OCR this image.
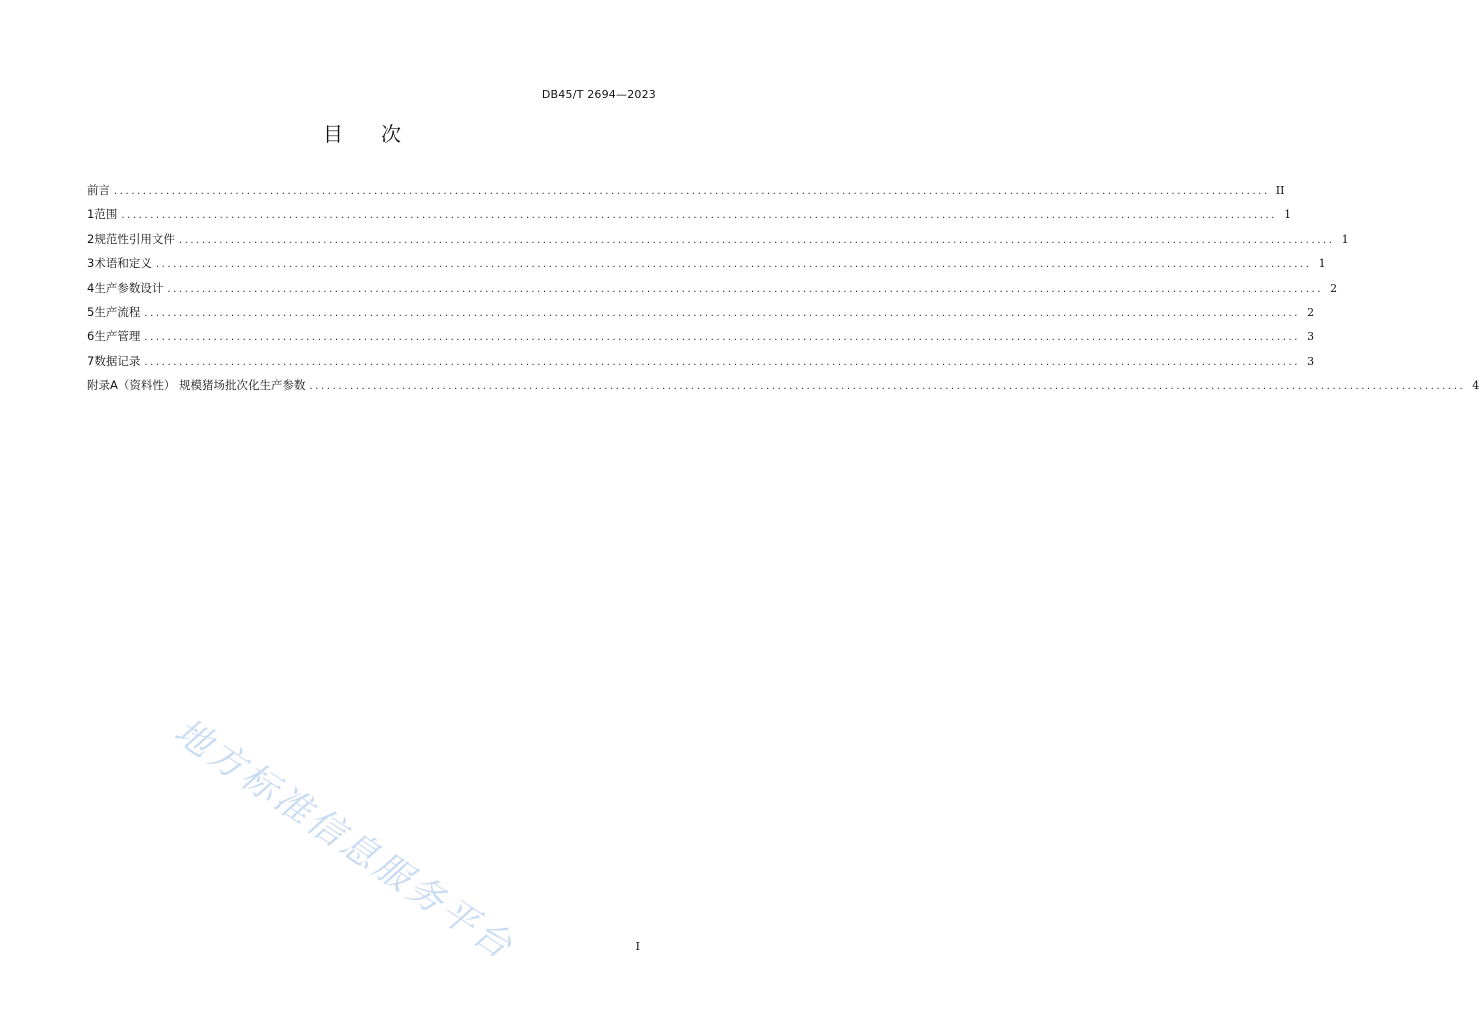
DB45/T 2694—2023
目 次
前言 ........................................................................................................................................................................................................ II
1 范围 ........................................................................................................................................................................................................ 1
2 规范性引用文件 ........................................................................................................................................................................................................ 1
3 术语和定义 ........................................................................................................................................................................................................ 1
4 生产参数设计 ........................................................................................................................................................................................................ 2
5 生产流程 ........................................................................................................................................................................................................ 2
6 生产管理 ........................................................................................................................................................................................................ 3
7 数据记录 ........................................................................................................................................................................................................ 3
附录A（资料性） 规模猪场批次化生产参数 ........................................................................................................................................................................................................ 4
地方标准信息服务平台	I
